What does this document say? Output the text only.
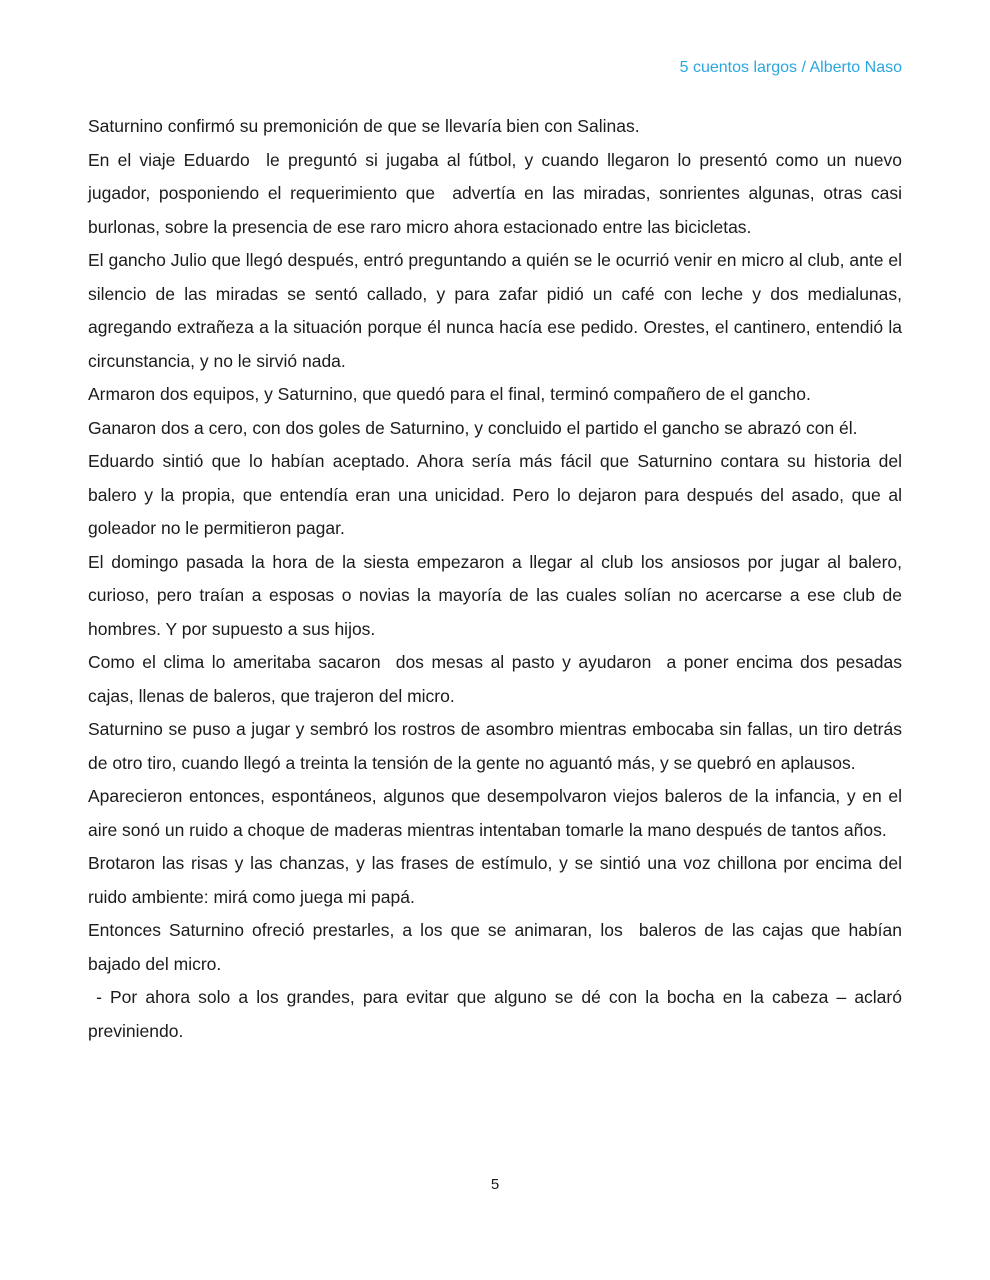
5 cuentos largos / Alberto Naso

Saturnino confirmó su premonición de que se llevaría bien con Salinas.

En el viaje Eduardo  le preguntó si jugaba al fútbol, y cuando llegaron lo presentó como un nuevo jugador, posponiendo el requerimiento que  advertía en las miradas, sonrientes algunas, otras casi burlonas, sobre la presencia de ese raro micro ahora estacionado entre las bicicletas.

El gancho Julio que llegó después, entró preguntando a quién se le ocurrió venir en micro al club, ante el silencio de las miradas se sentó callado, y para zafar pidió un café con leche y dos medialunas, agregando extrañeza a la situación porque él nunca hacía ese pedido. Orestes, el cantinero, entendió la circunstancia, y no le sirvió nada.

Armaron dos equipos, y Saturnino, que quedó para el final, terminó compañero de el gancho.

Ganaron dos a cero, con dos goles de Saturnino, y concluido el partido el gancho se abrazó con él.

Eduardo sintió que lo habían aceptado. Ahora sería más fácil que Saturnino contara su historia del balero y la propia, que entendía eran una unicidad. Pero lo dejaron para después del asado, que al goleador no le permitieron pagar.

El domingo pasada la hora de la siesta empezaron a llegar al club los ansiosos por jugar al balero, curioso, pero traían a esposas o novias la mayoría de las cuales solían no acercarse a ese club de hombres. Y por supuesto a sus hijos.

Como el clima lo ameritaba sacaron  dos mesas al pasto y ayudaron  a poner encima dos pesadas cajas, llenas de baleros, que trajeron del micro.

Saturnino se puso a jugar y sembró los rostros de asombro mientras embocaba sin fallas, un tiro detrás de otro tiro, cuando llegó a treinta la tensión de la gente no aguantó más, y se quebró en aplausos.

Aparecieron entonces, espontáneos, algunos que desempolvaron viejos baleros de la infancia, y en el aire sonó un ruido a choque de maderas mientras intentaban tomarle la mano después de tantos años.

Brotaron las risas y las chanzas, y las frases de estímulo, y se sintió una voz chillona por encima del ruido ambiente: mirá como juega mi papá.

Entonces Saturnino ofreció prestarles, a los que se animaran, los  baleros de las cajas que habían bajado del micro.

- Por ahora solo a los grandes, para evitar que alguno se dé con la bocha en la cabeza – aclaró previniendo.

5
